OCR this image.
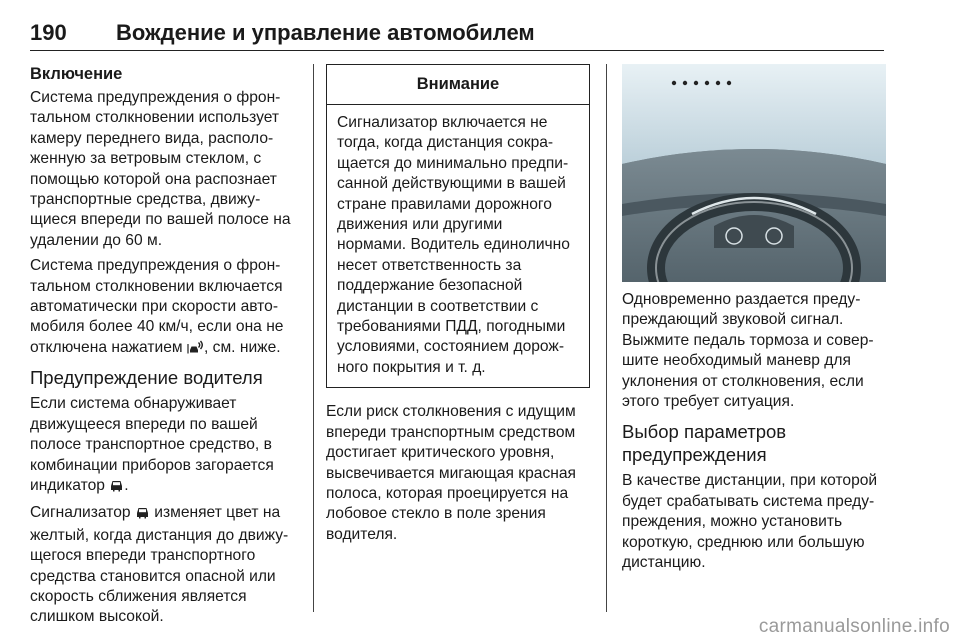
190 Вождение и управление автомобилем
Включение

Система предупреждения о фрон-
тальном столкновении использует
камеру переднего вида, располо-
женную за ветровым стеклом, с
помощью которой она распознает
транспортные средства, движу-
щиеся впереди по вашей полосе на
удалении до 60 м.

Система предупреждения о фрон-
тальном столкновении включается
автоматически при скорости авто-
мобиля более 40 км/ч, если она не
отключена нажатием , см. ниже.

Предупреждение водителя

Если система обнаруживает
движущееся впереди по вашей
полосе транспортное средство, в
комбинации приборов загорается
индикатор .

Сигнализатор изменяет цвет на
желтый, когда дистанция до движу-
щегося впереди транспортного
средства становится опасной или
скорость сближения является
слишком высокой.

Внимание
Сигнализатор включается не
тогда, когда дистанция сокра-
щается до минимально предпи-
санной действующими в вашей
стране правилами дорожного
движения или другими
нормами. Водитель единолично
несет ответственность за
поддержание безопасной
дистанции в соответствии с
требованиями ПДД, погодными
условиями, состоянием дорож-
ного покрытия и т. д.

Если риск столкновения с идущим
впереди транспортным средством
достигает критического уровня,
высвечивается мигающая красная
полоса, которая проецируется на
лобовое стекло в поле зрения
водителя.

Одновременно раздается преду-
преждающий звуковой сигнал.
Выжмите педаль тормоза и совер-
шите необходимый маневр для
уклонения от столкновения, если
этого требует ситуация.

Выбор параметров
предупреждения

В качестве дистанции, при которой
будет срабатывать система преду-
преждения, можно установить
короткую, среднюю или большую
дистанцию.

carmanualsonline.info
